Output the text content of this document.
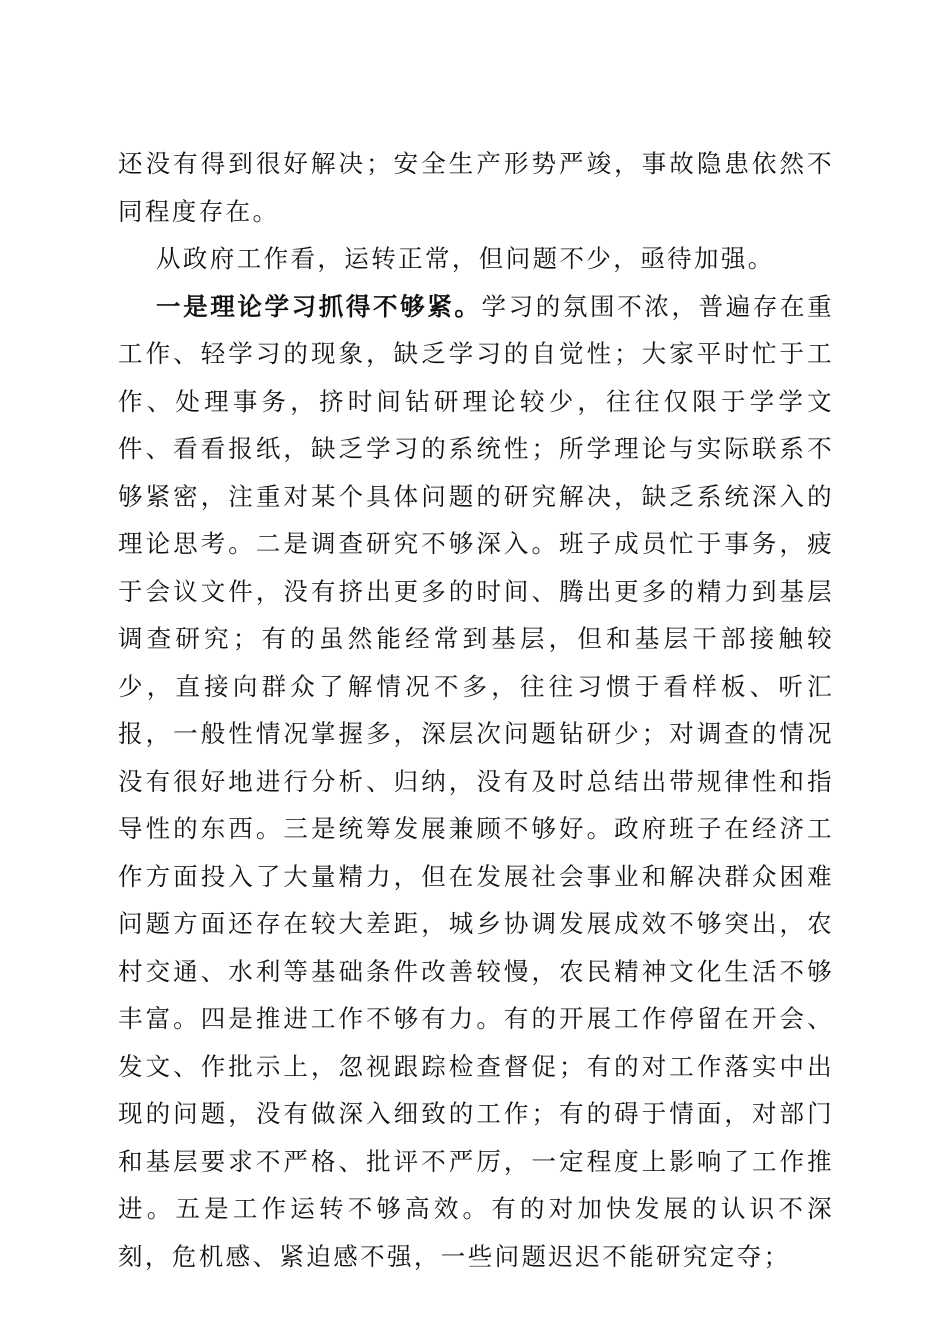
还没有得到很好解决；安全生产形势严竣，事故隐患依然不同程度存在。

从政府工作看，运转正常，但问题不少，亟待加强。

一是理论学习抓得不够紧。学习的氛围不浓，普遍存在重工作、轻学习的现象，缺乏学习的自觉性；大家平时忙于工作、处理事务，挤时间钻研理论较少，往往仅限于学学文件、看看报纸，缺乏学习的系统性；所学理论与实际联系不够紧密，注重对某个具体问题的研究解决，缺乏系统深入的理论思考。二是调查研究不够深入。班子成员忙于事务，疲于会议文件，没有挤出更多的时间、腾出更多的精力到基层调查研究；有的虽然能经常到基层，但和基层干部接触较少，直接向群众了解情况不多，往往习惯于看样板、听汇报，一般性情况掌握多，深层次问题钻研少；对调查的情况没有很好地进行分析、归纳，没有及时总结出带规律性和指导性的东西。三是统筹发展兼顾不够好。政府班子在经济工作方面投入了大量精力，但在发展社会事业和解决群众困难问题方面还存在较大差距，城乡协调发展成效不够突出，农村交通、水利等基础条件改善较慢，农民精神文化生活不够丰富。四是推进工作不够有力。有的开展工作停留在开会、发文、作批示上，忽视跟踪检查督促；有的对工作落实中出现的问题，没有做深入细致的工作；有的碍于情面，对部门和基层要求不严格、批评不严厉，一定程度上影响了工作推进。五是工作运转不够高效。有的对加快发展的认识不深刻，危机感、紧迫感不强，一些问题迟迟不能研究定夺；
